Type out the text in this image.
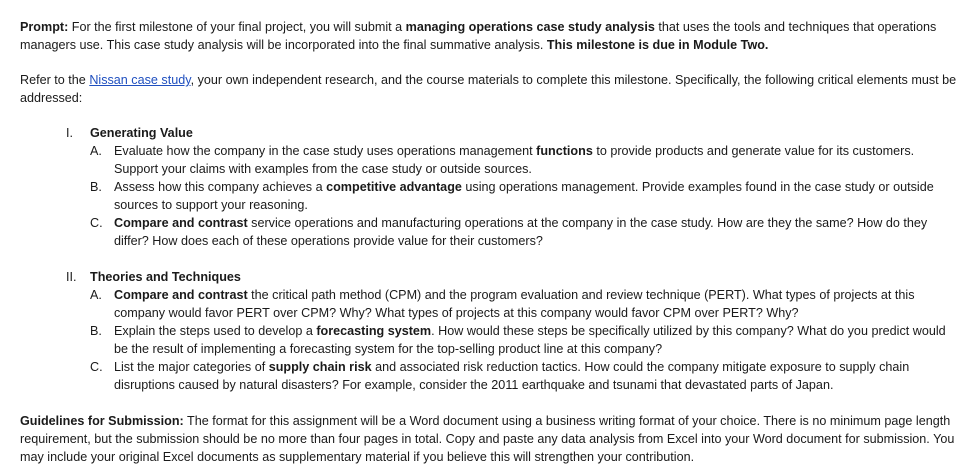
Prompt: For the first milestone of your final project, you will submit a managing operations case study analysis that uses the tools and techniques that operations managers use. This case study analysis will be incorporated into the final summative analysis. This milestone is due in Module Two.

Refer to the Nissan case study, your own independent research, and the course materials to complete this milestone. Specifically, the following critical elements must be addressed:

I.	Generating Value
A. Evaluate how the company in the case study uses operations management functions to provide products and generate value for its customers. Support your claims with examples from the case study or outside sources.
B. Assess how this company achieves a competitive advantage using operations management. Provide examples found in the case study or outside sources to support your reasoning.
C. Compare and contrast service operations and manufacturing operations at the company in the case study. How are they the same? How do they differ? How does each of these operations provide value for their customers?
II.	Theories and Techniques
A. Compare and contrast the critical path method (CPM) and the program evaluation and review technique (PERT). What types of projects at this company would favor PERT over CPM? Why? What types of projects at this company would favor CPM over PERT? Why?
B. Explain the steps used to develop a forecasting system. How would these steps be specifically utilized by this company? What do you predict would be the result of implementing a forecasting system for the top-selling product line at this company?
C. List the major categories of supply chain risk and associated risk reduction tactics. How could the company mitigate exposure to supply chain disruptions caused by natural disasters? For example, consider the 2011 earthquake and tsunami that devastated parts of Japan.

Guidelines for Submission: The format for this assignment will be a Word document using a business writing format of your choice. There is no minimum page length requirement, but the submission should be no more than four pages in total. Copy and paste any data analysis from Excel into your Word document for submission. You may include your original Excel documents as supplementary material if you believe this will strengthen your contribution.
